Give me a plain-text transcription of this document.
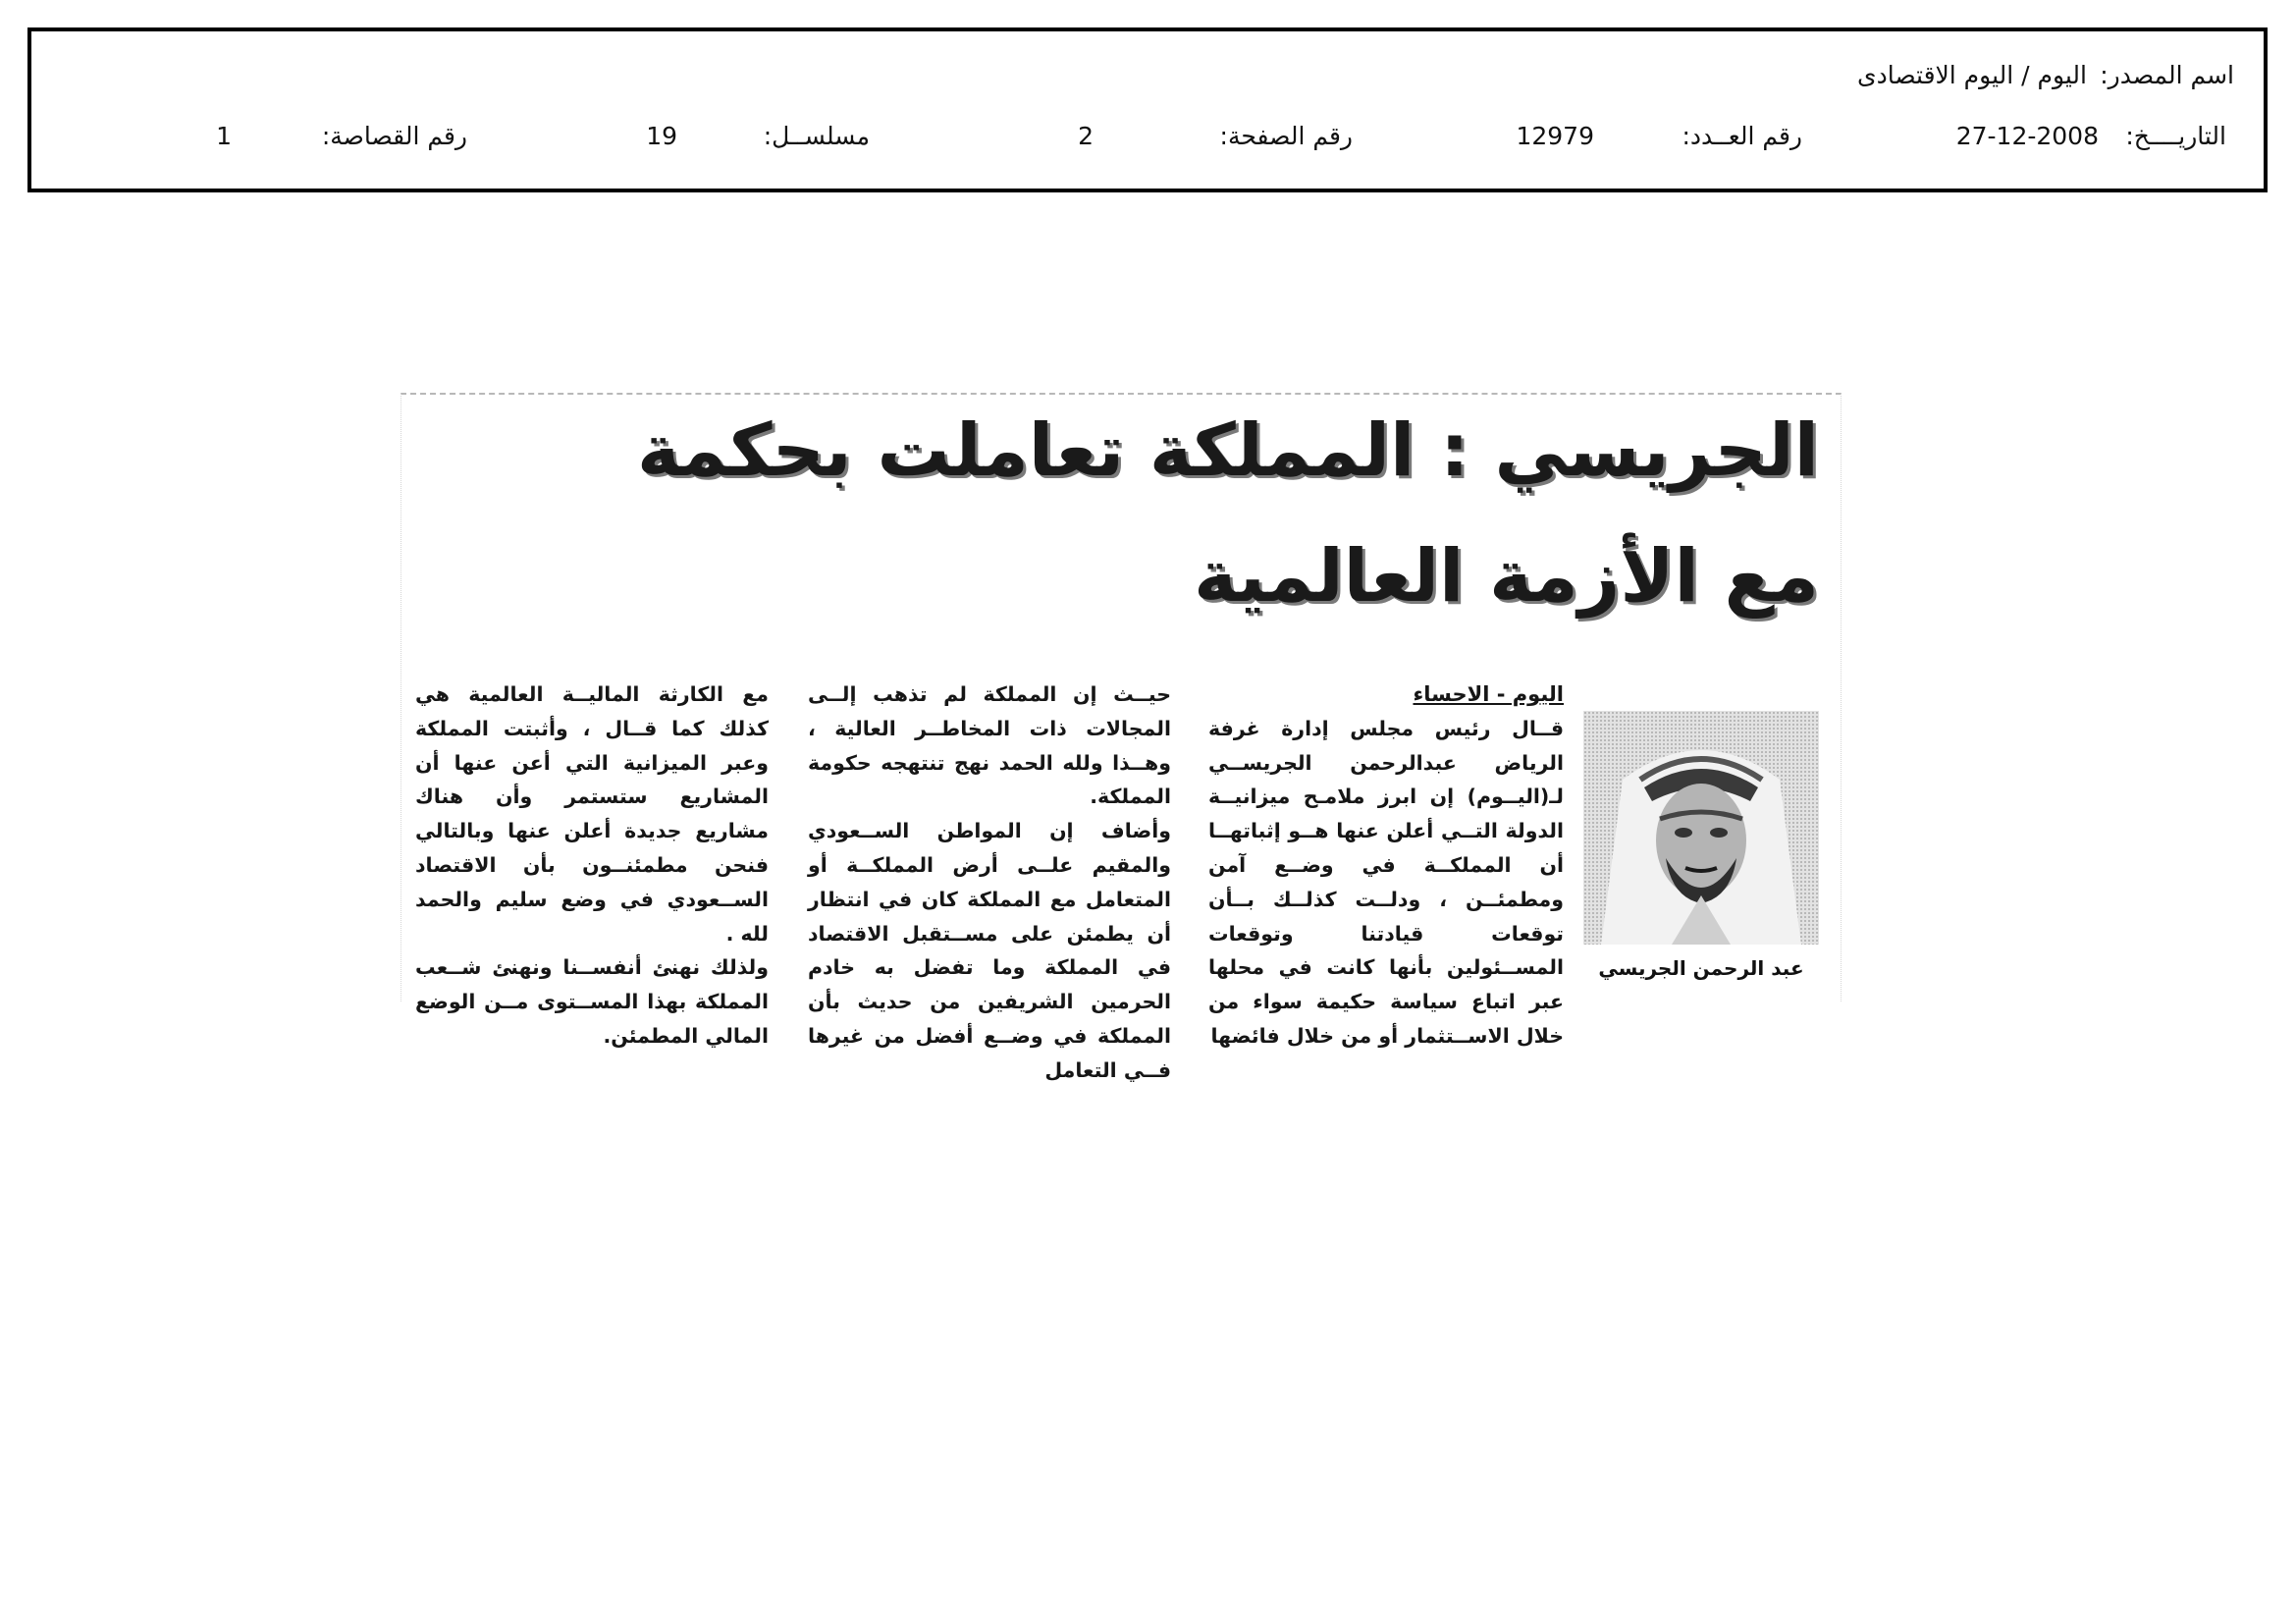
اسم المصدر:
اليوم / اليوم الاقتصادى
التاريــــخ:
27-12-2008
رقم العــدد:
12979
رقم الصفحة:
2
مسلســل:
19
رقم القصاصة:
1
الجريسي : المملكة تعاملت بحكمة
مع الأزمة العالمية
عبد الرحمن الجريسي

اليوم - الاحساء

قــال رئيس مجلس إدارة غرفة الرياض عبدالرحمن الجريســي لـ(اليــوم) إن ابرز ملامـح ميزانيــة الدولة التــي أعلن عنها هــو إثباتهــا أن المملكــة في وضــع آمن ومطمئــن ، ودلــت كذلــك بــأن توقعات قيادتنا وتوقعات المســئولين بأنها كانت في محلها عبر اتباع سياسة حكيمة سواء من خلال الاســتثمار أو من خلال فائضها

حيــث إن المملكة لم تذهب إلــى المجالات ذات المخاطــر العالية ، وهــذا ولله الحمد نهج تنتهجه حكومة المملكة.

وأضاف إن المواطن الســعودي والمقيم علــى أرض المملكــة أو المتعامل مع المملكة كان في انتظار أن يطمئن على مســتقبل الاقتصاد في المملكة وما تفضل به خادم الحرمين الشريفين من حديث بأن المملكة في وضــع أفضل من غيرها فــي التعامل

مع الكارثة الماليــة العالمية هي كذلك كما قــال ، وأثبتت المملكة وعبر الميزانية التي أعن عنها أن المشاريع ستستمر وأن هناك مشاريع جديدة أعلن عنها وبالتالي فنحن مطمئنــون بأن الاقتصاد الســعودي في وضع سليم والحمد لله .

ولذلك نهنئ أنفســنا ونهنئ شــعب المملكة بهذا المســتوى مــن الوضع المالي المطمئن.
